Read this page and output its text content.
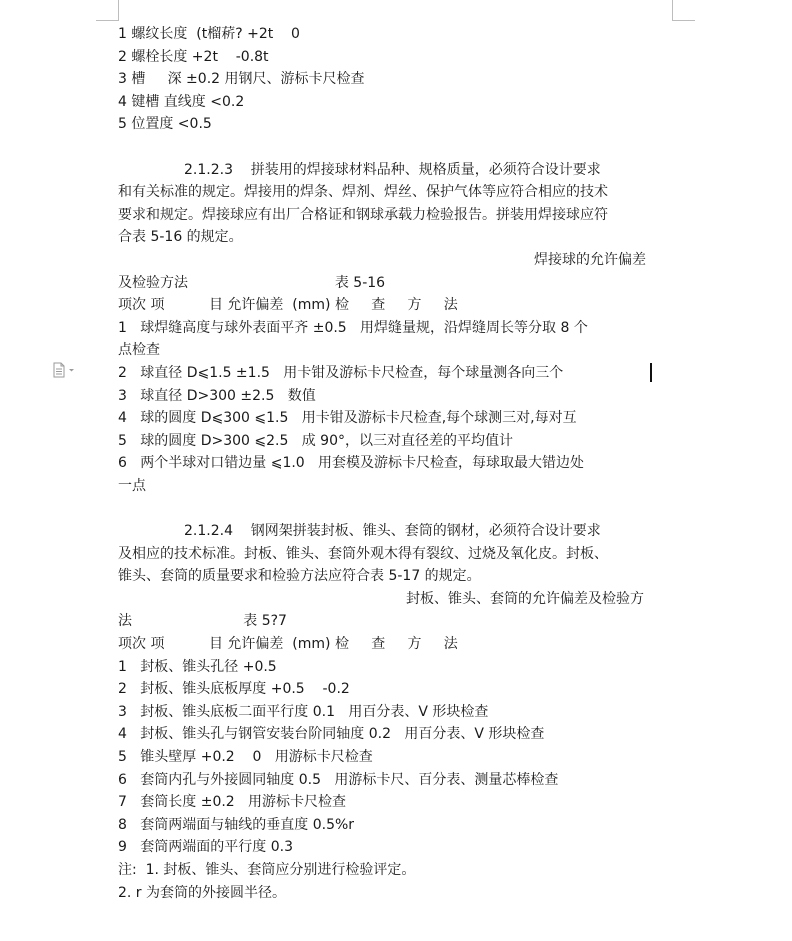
1 螺纹长度  (t榴菥? +2t    0
2 螺栓长度 +2t    -0.8t
3 槽     深 ±0.2 用钢尺、游标卡尺检查
4 键槽 直线度 <0.2
5 位置度 <0.5
2.1.2.3    拼装用的焊接球材料品种、规格质量，必须符合设计要求
和有关标准的规定。焊接用的焊条、焊剂、焊丝、保护气体等应符合相应的技术
要求和规定。焊接球应有出厂合格证和钢球承载力检验报告。拼装用焊接球应符
合表 5-16 的规定。
焊接球的允许偏差
及检验方法                                 表 5-16
项次 项          目 允许偏差  (mm) 检     查     方     法
1   球焊缝高度与球外表面平齐 ±0.5   用焊缝量规，沿焊缝周长等分取 8 个
点检查
2   球直径 D⩽1.5 ±1.5   用卡钳及游标卡尺检查，每个球量测各向三个
3   球直径 D>300 ±2.5   数值
4   球的圆度 D⩽300 ⩽1.5   用卡钳及游标卡尺检查,每个球测三对,每对互
5   球的圆度 D>300 ⩽2.5   成 90°，以三对直径差的平均值计
6   两个半球对口错边量 ⩽1.0   用套模及游标卡尺检查，每球取最大错边处
一点
2.1.2.4    钢网架拼装封板、锥头、套筒的钢材，必须符合设计要求
及相应的技术标准。封板、锥头、套筒外观木得有裂纹、过烧及氧化皮。封板、
锥头、套筒的质量要求和检验方法应符合表 5-17 的规定。
封板、锥头、套筒的允许偏差及检验方
法                         表 5?7
项次 项          目 允许偏差  (mm) 检     查     方     法
1   封板、锥头孔径 +0.5
2   封板、锥头底板厚度 +0.5    -0.2
3   封板、锥头底板二面平行度 0.1   用百分表、V 形块检查
4   封板、锥头孔与钢管安装台阶同轴度 0.2   用百分表、V 形块检查
5   锥头壁厚 +0.2    0   用游标卡尺检查
6   套筒内孔与外接圆同轴度 0.5   用游标卡尺、百分表、测量芯棒检查
7   套筒长度 ±0.2   用游标卡尺检查
8   套筒两端面与轴线的垂直度 0.5%r
9   套筒两端面的平行度 0.3
注:  1. 封板、锥头、套筒应分别进行检验评定。
2. r 为套筒的外接圆半径。
